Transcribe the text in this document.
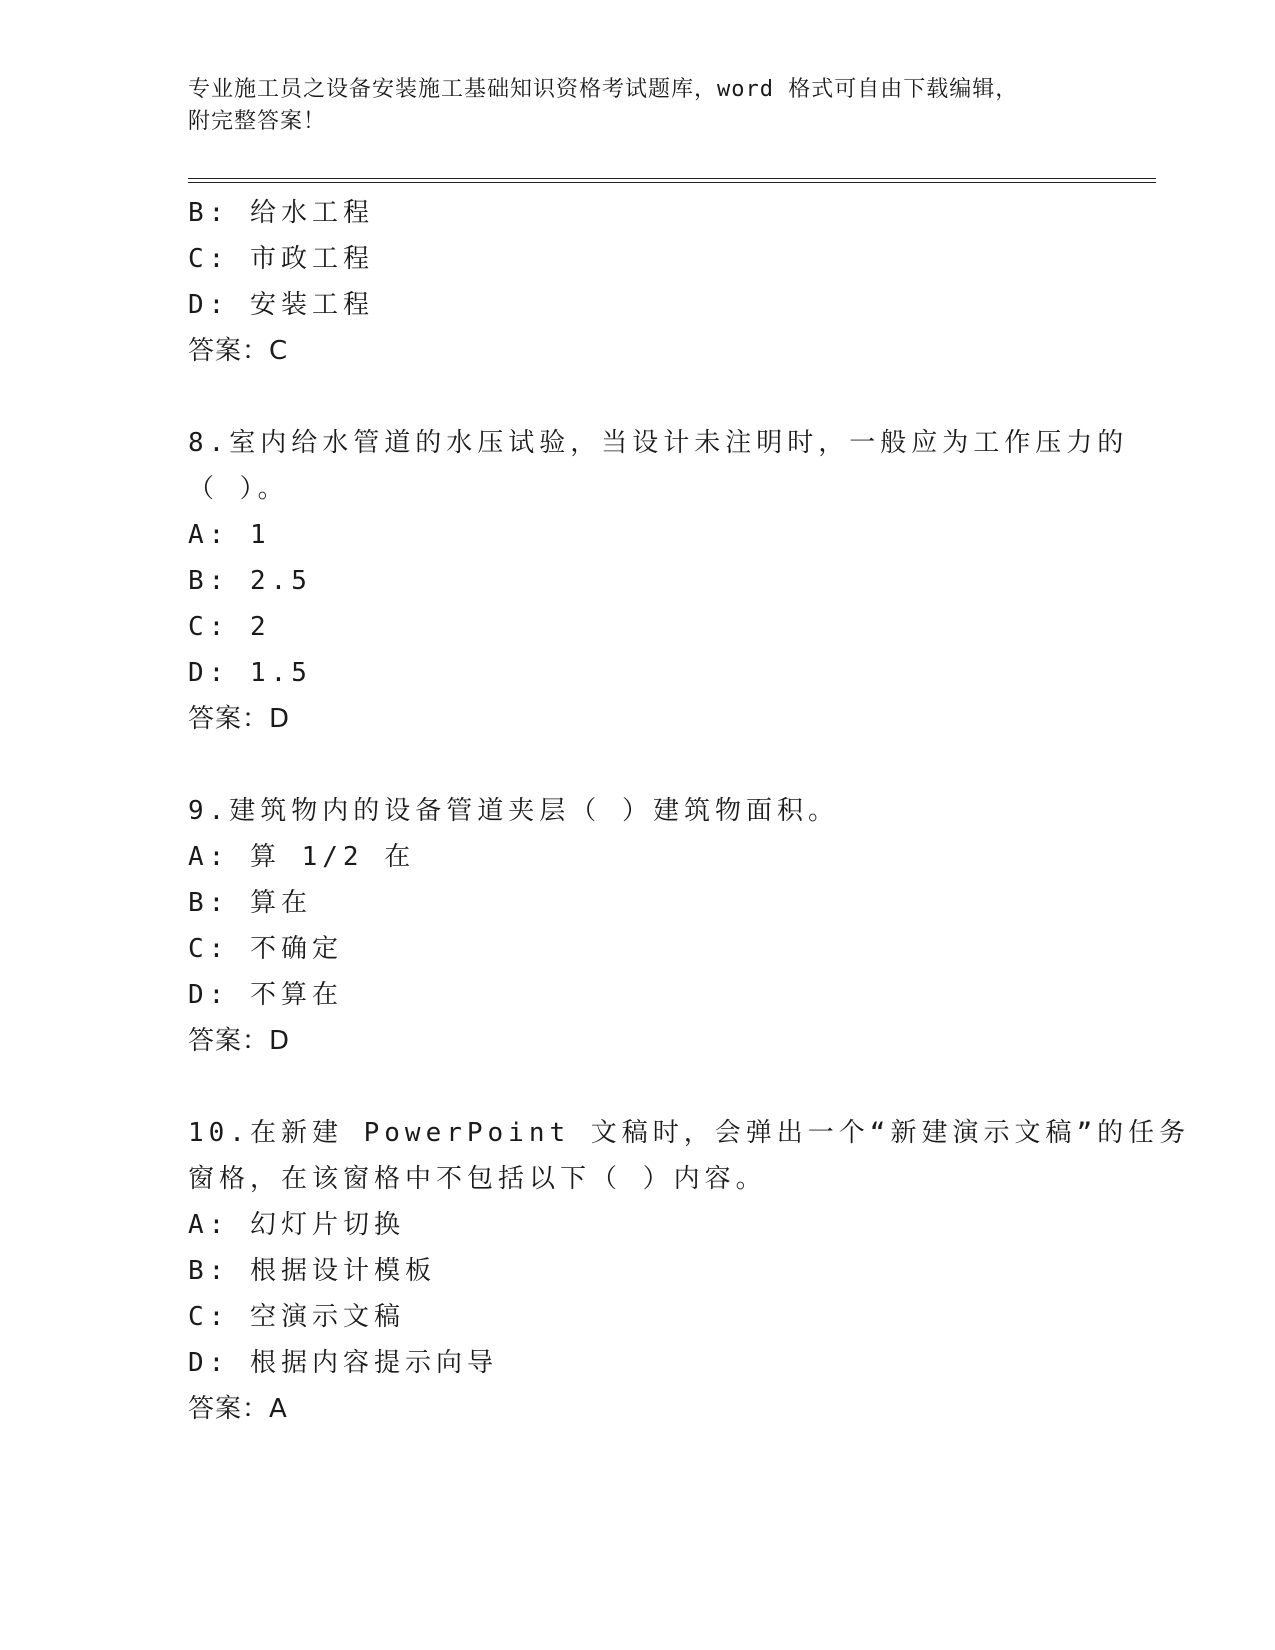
专业施工员之设备安装施工基础知识资格考试题库，word 格式可自由下载编辑，
附完整答案！
B: 给水工程
C: 市政工程
D: 安装工程
答案：C
8.室内给水管道的水压试验，当设计未注明时，一般应为工作压力的
（ ）。
A: 1
B: 2.5
C: 2
D: 1.5
答案：D
9.建筑物内的设备管道夹层（ ）建筑物面积。
A: 算 1/2 在
B: 算在
C: 不确定
D: 不算在
答案：D
10.在新建 PowerPoint 文稿时，会弹出一个“新建演示文稿”的任务
窗格，在该窗格中不包括以下（ ）内容。
A: 幻灯片切换
B: 根据设计模板
C: 空演示文稿
D: 根据内容提示向导
答案：A
